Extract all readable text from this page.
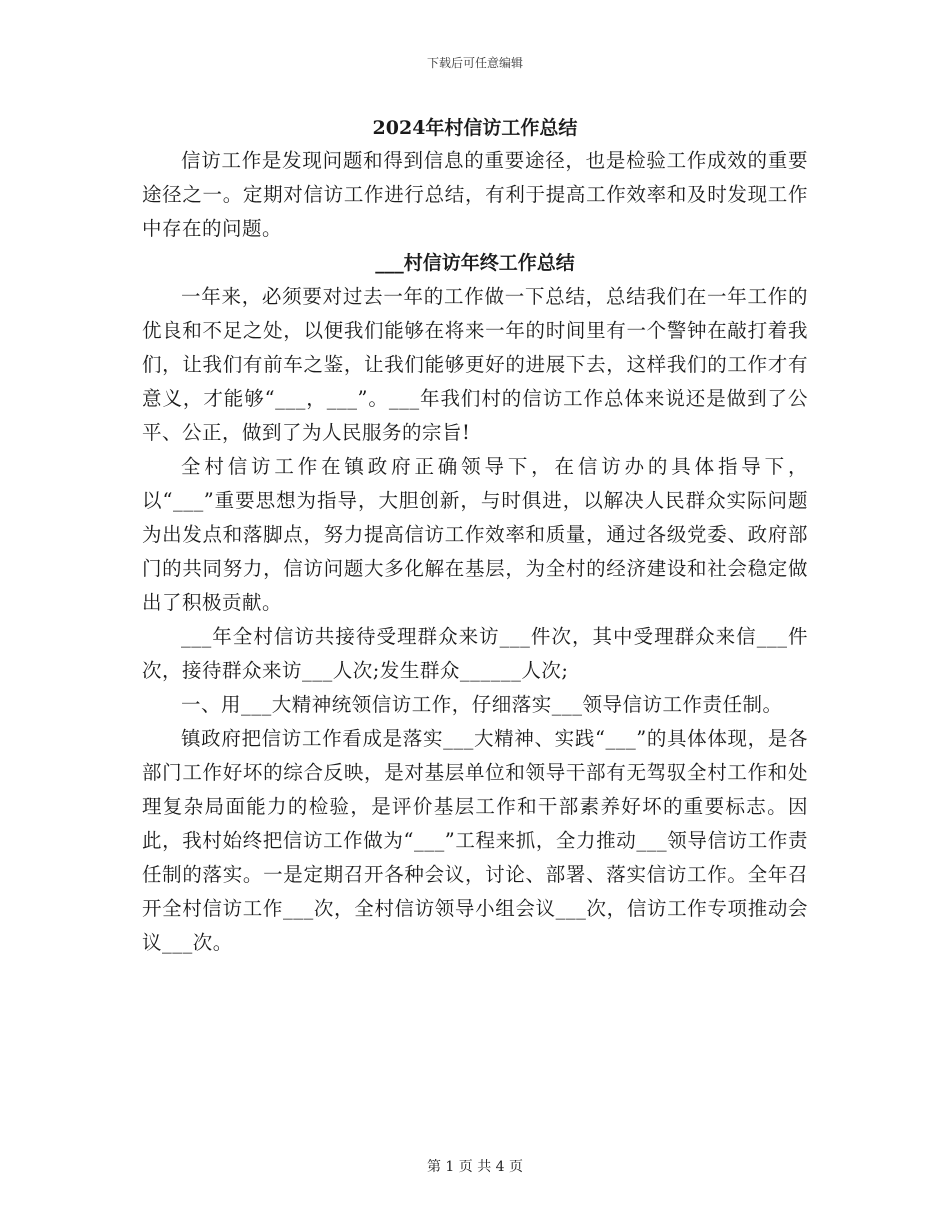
下载后可任意编辑

2024年村信访工作总结

信访工作是发现问题和得到信息的重要途径，也是检验工作成效的重要途径之一。定期对信访工作进行总结，有利于提高工作效率和及时发现工作中存在的问题。

___村信访年终工作总结

一年来，必须要对过去一年的工作做一下总结，总结我们在一年工作的优良和不足之处，以便我们能够在将来一年的时间里有一个警钟在敲打着我们，让我们有前车之鉴，让我们能够更好的进展下去，这样我们的工作才有意义，才能够“___，___”。___年我们村的信访工作总体来说还是做到了公平、公正，做到了为人民服务的宗旨!

全村信访工作在镇政府正确领导下，在信访办的具体指导下，以“___”重要思想为指导，大胆创新，与时俱进，以解决人民群众实际问题为出发点和落脚点，努力提高信访工作效率和质量，通过各级党委、政府部门的共同努力，信访问题大多化解在基层，为全村的经济建设和社会稳定做出了积极贡献。

___年全村信访共接待受理群众来访___件次，其中受理群众来信___件次，接待群众来访___人次;发生群众______人次;

一、用___大精神统领信访工作，仔细落实___领导信访工作责任制。

镇政府把信访工作看成是落实___大精神、实践“___”的具体体现，是各部门工作好坏的综合反映，是对基层单位和领导干部有无驾驭全村工作和处理复杂局面能力的检验，是评价基层工作和干部素养好坏的重要标志。因此，我村始终把信访工作做为“___”工程来抓，全力推动___领导信访工作责任制的落实。一是定期召开各种会议，讨论、部署、落实信访工作。全年召开全村信访工作___次，全村信访领导小组会议___次，信访工作专项推动会议___次。

第 1 页 共 4 页
